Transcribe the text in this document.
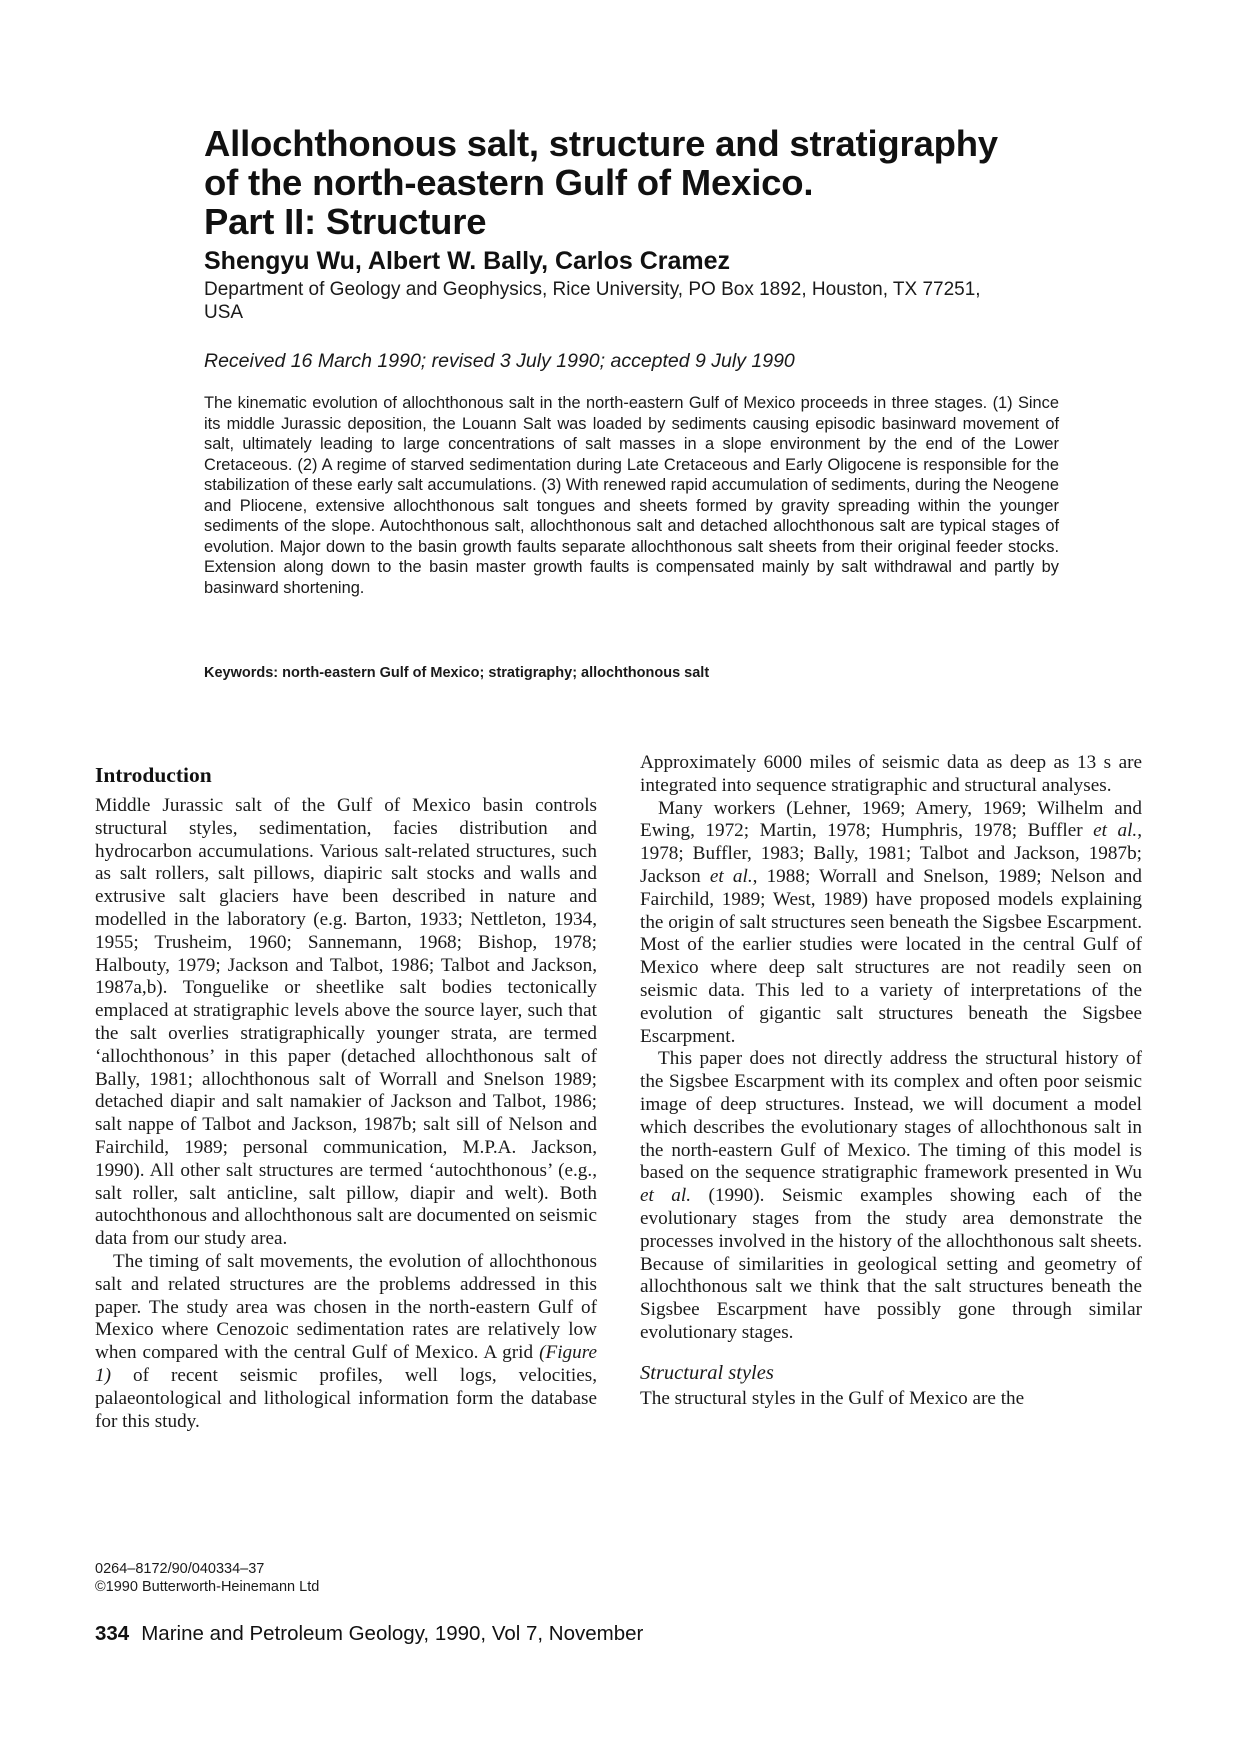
Allochthonous salt, structure and stratigraphy
of the north-eastern Gulf of Mexico.
Part II: Structure
Shengyu Wu, Albert W. Bally, Carlos Cramez
Department of Geology and Geophysics, Rice University, PO Box 1892, Houston, TX 77251, USA
Received 16 March 1990; revised 3 July 1990; accepted 9 July 1990
The kinematic evolution of allochthonous salt in the north-eastern Gulf of Mexico proceeds in three stages. (1) Since its middle Jurassic deposition, the Louann Salt was loaded by sediments causing episodic basinward movement of salt, ultimately leading to large concentrations of salt masses in a slope environment by the end of the Lower Cretaceous. (2) A regime of starved sedimentation during Late Cretaceous and Early Oligocene is responsible for the stabilization of these early salt accumulations. (3) With renewed rapid accumulation of sediments, during the Neogene and Pliocene, extensive allochthonous salt tongues and sheets formed by gravity spreading within the younger sediments of the slope. Autochthonous salt, allochthonous salt and detached allochthonous salt are typical stages of evolution. Major down to the basin growth faults separate allochthonous salt sheets from their original feeder stocks. Extension along down to the basin master growth faults is compensated mainly by salt withdrawal and partly by basinward shortening.
Keywords: north-eastern Gulf of Mexico; stratigraphy; allochthonous salt
Introduction

Middle Jurassic salt of the Gulf of Mexico basin controls structural styles, sedimentation, facies distribution and hydrocarbon accumulations. Various salt-related structures, such as salt rollers, salt pillows, diapiric salt stocks and walls and extrusive salt glaciers have been described in nature and modelled in the laboratory (e.g. Barton, 1933; Nettleton, 1934, 1955; Trusheim, 1960; Sannemann, 1968; Bishop, 1978; Halbouty, 1979; Jackson and Talbot, 1986; Talbot and Jackson, 1987a,b). Tonguelike or sheetlike salt bodies tectonically emplaced at stratigraphic levels above the source layer, such that the salt overlies stratigraphically younger strata, are termed ‘allochthonous’ in this paper (detached allochthonous salt of Bally, 1981; allochthonous salt of Worrall and Snelson 1989; detached diapir and salt namakier of Jackson and Talbot, 1986; salt nappe of Talbot and Jackson, 1987b; salt sill of Nelson and Fairchild, 1989; personal communication, M.P.A. Jackson, 1990). All other salt structures are termed ‘autochthonous’ (e.g., salt roller, salt anticline, salt pillow, diapir and welt). Both autochthonous and allochthonous salt are documented on seismic data from our study area.

The timing of salt movements, the evolution of allochthonous salt and related structures are the problems addressed in this paper. The study area was chosen in the north-eastern Gulf of Mexico where Cenozoic sedimentation rates are relatively low when compared with the central Gulf of Mexico. A grid (Figure 1) of recent seismic profiles, well logs, velocities, palaeontological and lithological information form the database for this study.

Approximately 6000 miles of seismic data as deep as 13 s are integrated into sequence stratigraphic and structural analyses.

Many workers (Lehner, 1969; Amery, 1969; Wilhelm and Ewing, 1972; Martin, 1978; Humphris, 1978; Buffler et al., 1978; Buffler, 1983; Bally, 1981; Talbot and Jackson, 1987b; Jackson et al., 1988; Worrall and Snelson, 1989; Nelson and Fairchild, 1989; West, 1989) have proposed models explaining the origin of salt structures seen beneath the Sigsbee Escarpment. Most of the earlier studies were located in the central Gulf of Mexico where deep salt structures are not readily seen on seismic data. This led to a variety of interpretations of the evolution of gigantic salt structures beneath the Sigsbee Escarpment.

This paper does not directly address the structural history of the Sigsbee Escarpment with its complex and often poor seismic image of deep structures. Instead, we will document a model which describes the evolutionary stages of allochthonous salt in the north-eastern Gulf of Mexico. The timing of this model is based on the sequence stratigraphic framework presented in Wu et al. (1990). Seismic examples showing each of the evolutionary stages from the study area demonstrate the processes involved in the history of the allochthonous salt sheets. Because of similarities in geological setting and geometry of allochthonous salt we think that the salt structures beneath the Sigsbee Escarpment have possibly gone through similar evolutionary stages.

Structural styles

The structural styles in the Gulf of Mexico are the

0264–8172/90/040334–37
©1990 Butterworth-Heinemann Ltd
334 Marine and Petroleum Geology, 1990, Vol 7, November
